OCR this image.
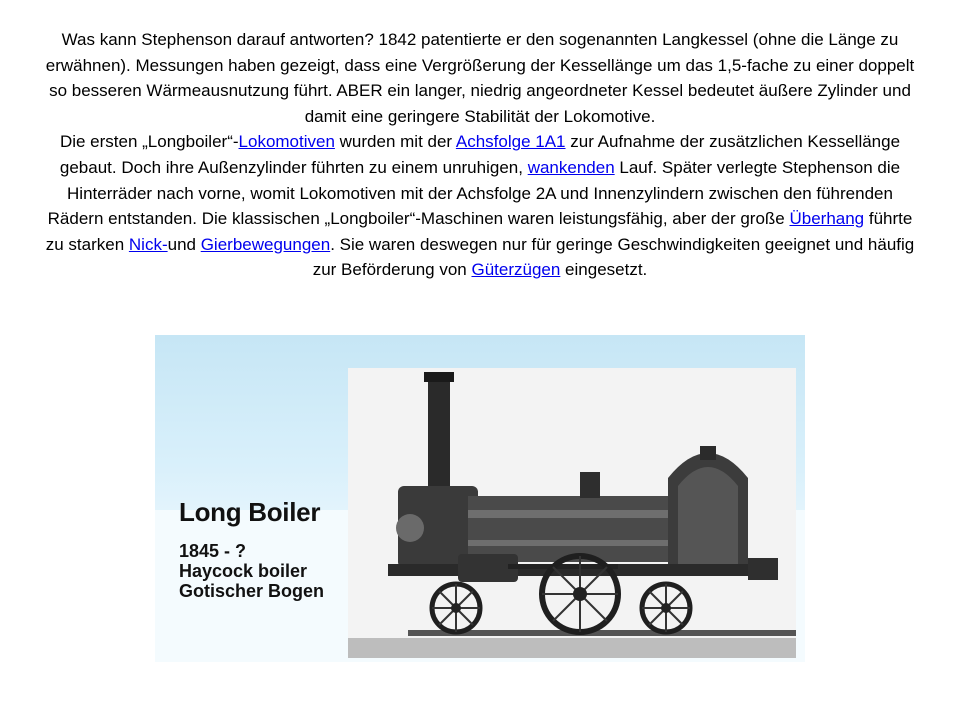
Was kann Stephenson darauf antworten? 1842 patentierte er den sogenannten Langkessel (ohne die Länge zu erwähnen). Messungen haben gezeigt, dass eine Vergrößerung der Kessellänge um das 1,5-fache zu einer doppelt so besseren Wärmeausnutzung führt. ABER ein langer, niedrig angeordneter Kessel bedeutet äußere Zylinder und damit eine geringere Stabilität der Lokomotive.

Die ersten „Longboiler“-Lokomotiven wurden mit der Achsfolge 1A1 zur Aufnahme der zusätzlichen Kessellänge gebaut. Doch ihre Außenzylinder führten zu einem unruhigen, wankenden Lauf. Später verlegte Stephenson die Hinterräder nach vorne, womit Lokomotiven mit der Achsfolge 2A und Innenzylindern zwischen den führenden Rädern entstanden. Die klassischen „Longboiler“-Maschinen waren leistungsfähig, aber der große Überhang führte zu starken Nick-und Gierbewegungen. Sie waren deswegen nur für geringe Geschwindigkeiten geeignet und häufig zur Beförderung von Güterzügen eingesetzt.

Long Boiler
1845 - ?
Haycock boiler
Gotischer Bogen
